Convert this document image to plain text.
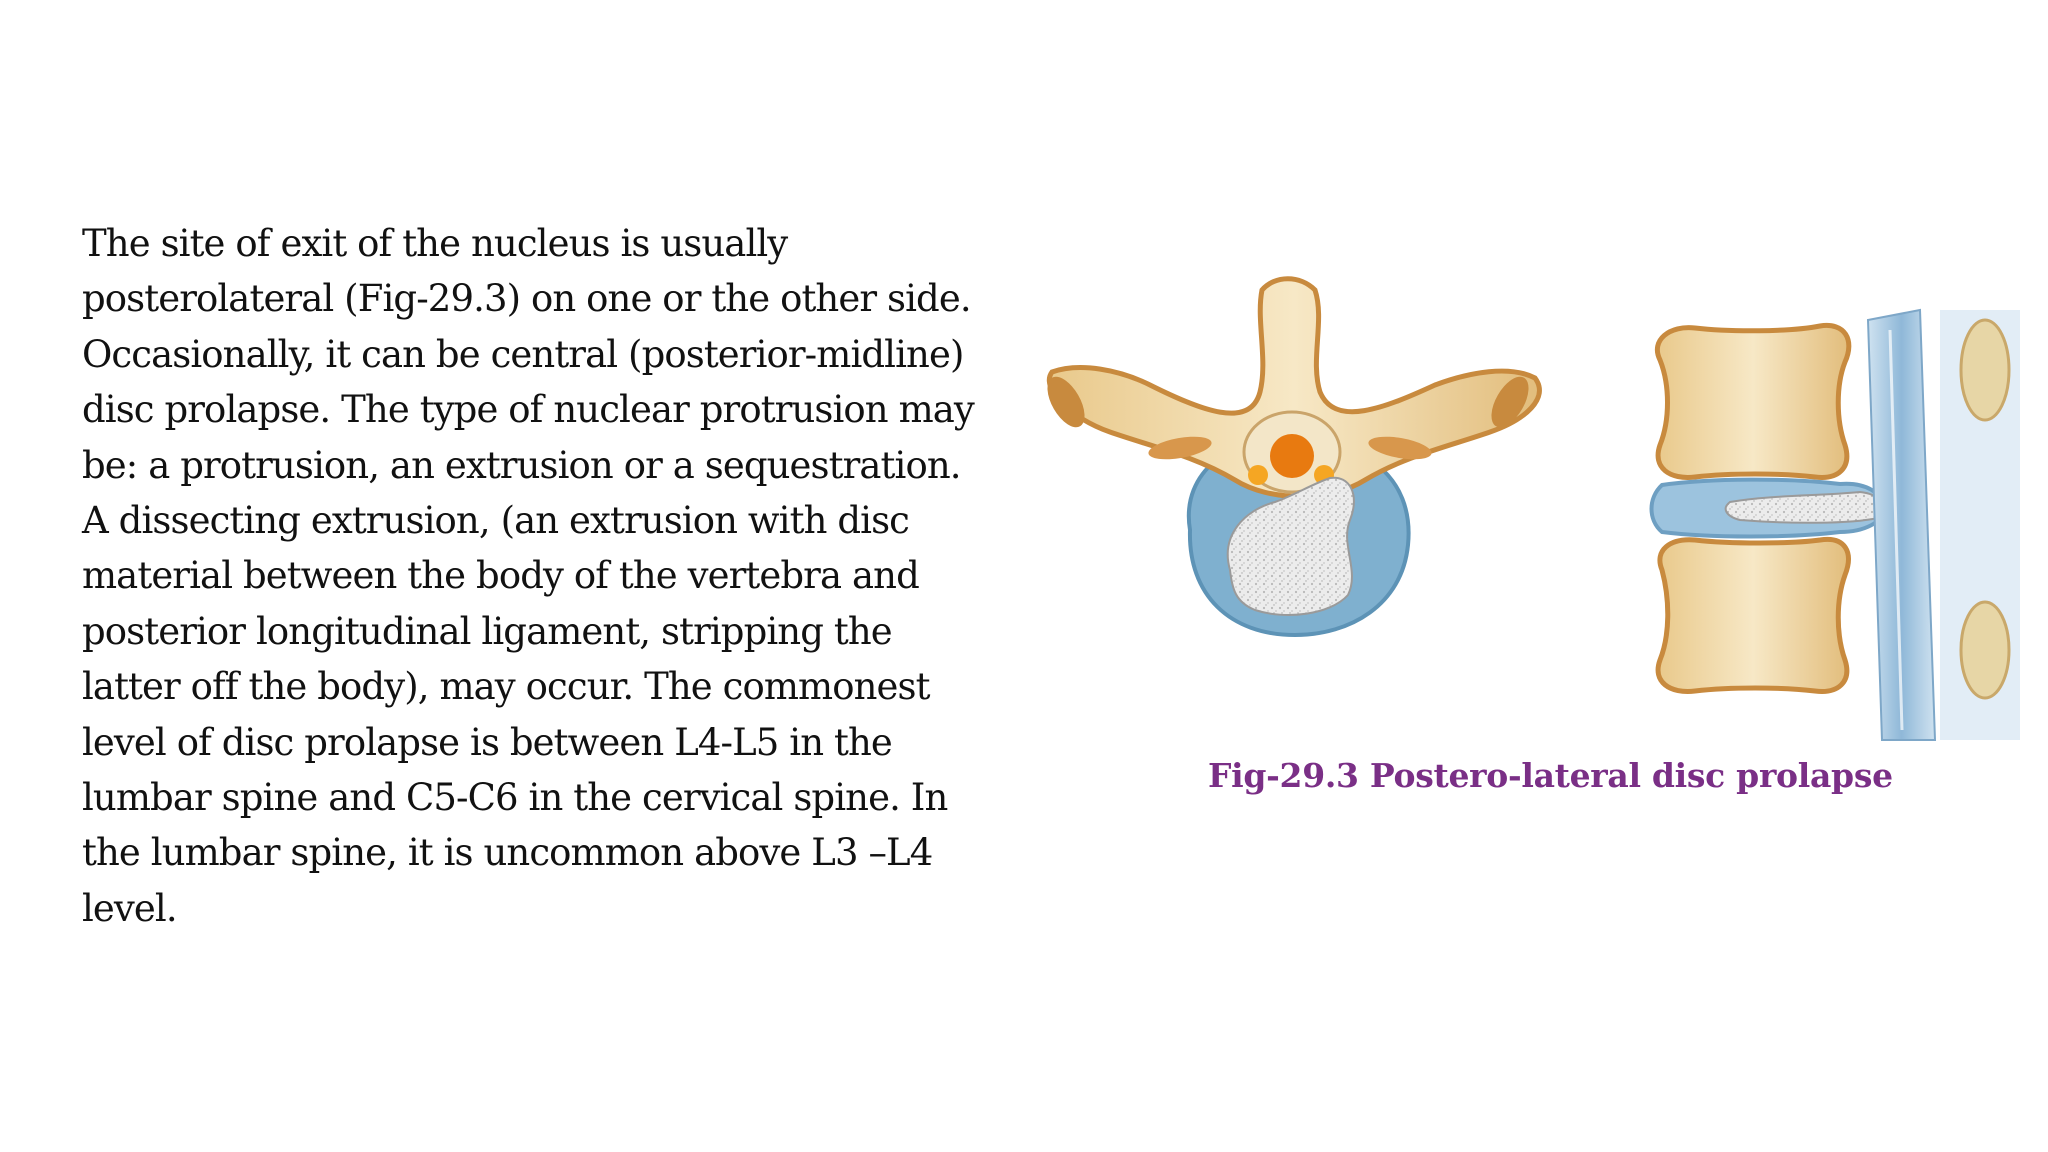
The site of exit of the nucleus is usually
posterolateral (Fig-29.3) on one or the other side.
Occasionally, it can be central (posterior-midline)
disc prolapse. The type of nuclear protrusion may
be: a protrusion, an extrusion or a sequestration.
A dissecting extrusion, (an extrusion with disc
material between the body of the vertebra and
posterior longitudinal ligament, stripping the
latter off the body), may occur. The commonest
level of disc prolapse is between L4-L5 in the
lumbar spine and C5-C6 in the cervical spine. In
the lumbar spine, it is uncommon above L3 –L4
level.

Fig-29.3 Postero-lateral disc prolapse
